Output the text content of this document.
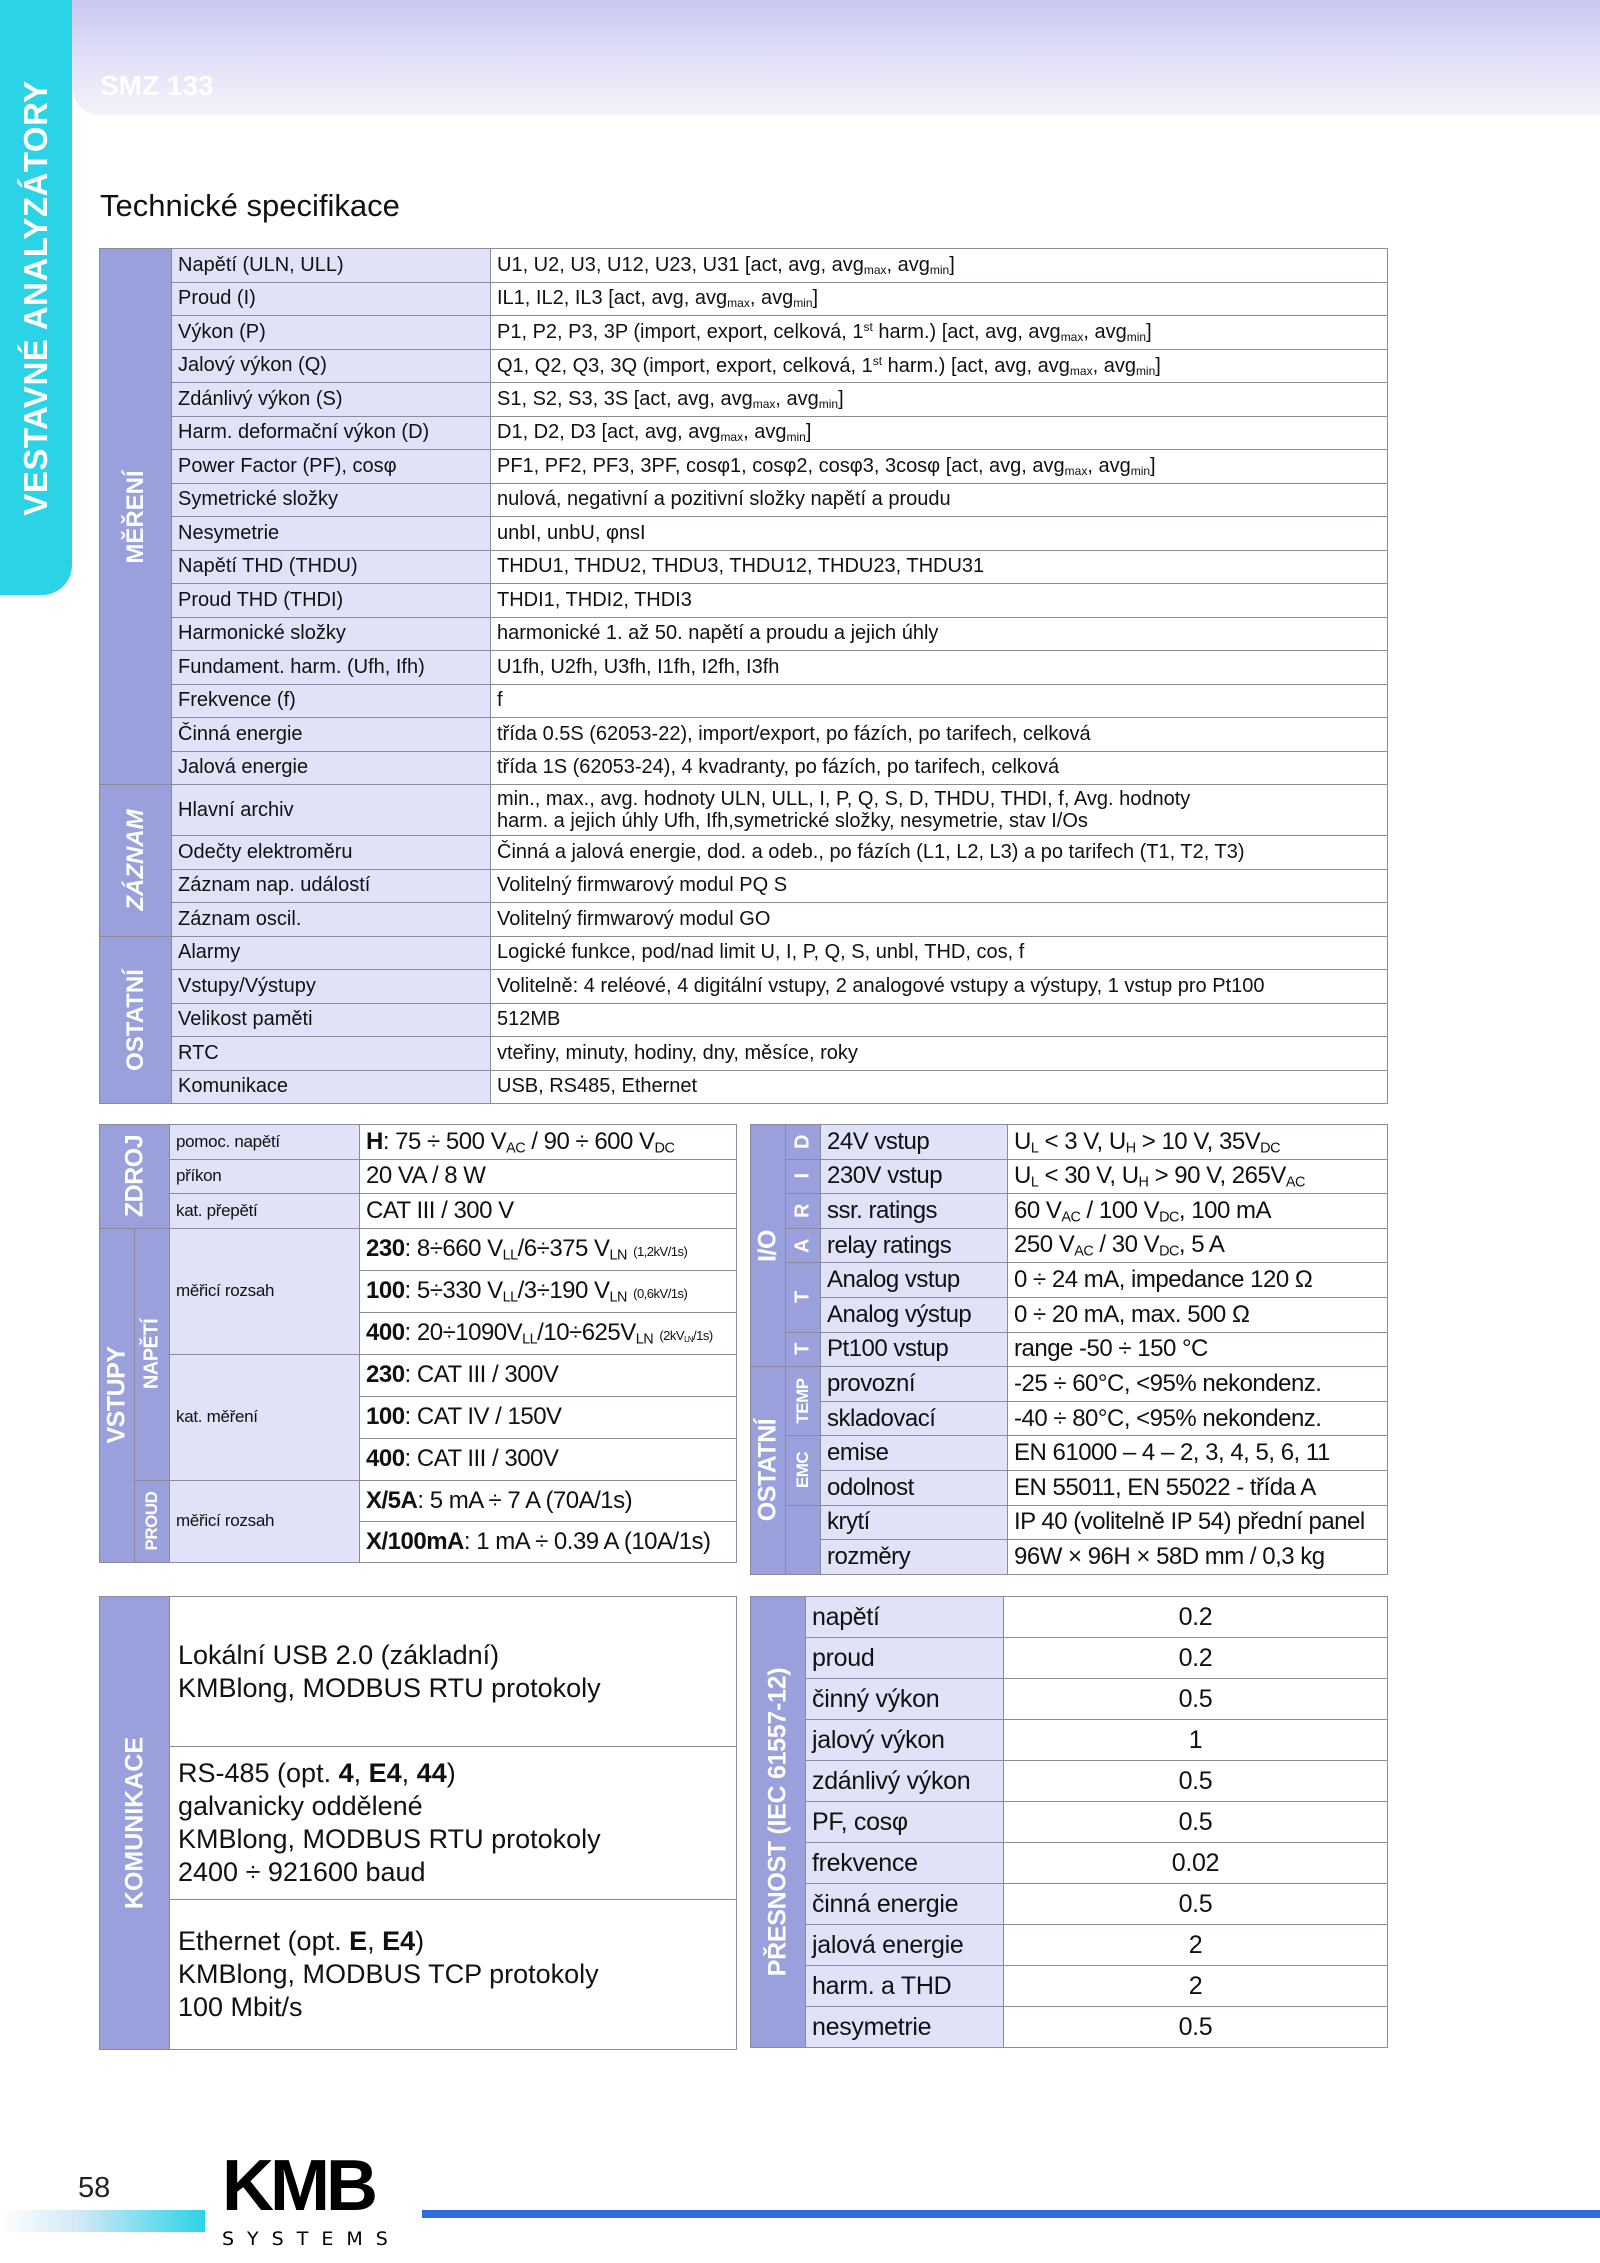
VESTAVNÉ ANALYZÁTORY SMZ 133
Technické specifikace
MĚŘENÍ	Napětí (ULN, ULL)	U1, U2, U3, U12, U23, U31 [act, avg, avg$_{max}$, avg$_{min}$]
	Proud (I)	IL1, IL2, IL3 [act, avg, avg$_{max}$, avg$_{min}$]
	Výkon (P)	P1, P2, P3, 3P (import, export, celková, 1st harm.) [act, avg, avg$_{max}$, avg$_{min}$]
	Jalový výkon (Q)	Q1, Q2, Q3, 3Q (import, export, celková, 1st harm.) [act, avg, avg$_{max}$, avg$_{min}$]
	Zdánlivý výkon (S)	S1, S2, S3, 3S [act, avg, avg$_{max}$, avg$_{min}$]
	Harm. deformační výkon (D)	D1, D2, D3 [act, avg, avg$_{max}$, avg$_{min}$]
	Power Factor (PF), cosφ	PF1, PF2, PF3, 3PF, cosφ1, cosφ2, cosφ3, 3cosφ [act, avg, avg$_{max}$, avg$_{min}$]
	Symetrické složky	nulová, negativní a pozitivní složky napětí a proudu
	Nesymetrie	unbI, unbU, φnsI
	Napětí THD (THDU)	THDU1, THDU2, THDU3, THDU12, THDU23, THDU31
	Proud THD (THDI)	THDI1, THDI2, THDI3
	Harmonické složky	harmonické 1. až 50. napětí a proudu a jejich úhly
	Fundament. harm. (Ufh, Ifh)	U1fh, U2fh, U3fh, I1fh, I2fh, I3fh
	Frekvence (f)	f
	Činná energie	třída 0.5S (62053-22), import/export, po fázích, po tarifech, celková
	Jalová energie	třída 1S (62053-24), 4 kvadranty, po fázích, po tarifech, celková

ZÁZNAM	Hlavní archiv	min., max., avg. hodnoty ULN, ULL, I, P, Q, S, D, THDU, THDI, f, Avg. hodnoty
harm. a jejich úhly Ufh, Ifh,symetrické složky, nesymetrie, stav I/Os
	Odečty elektroměru	Činná a jalová energie, dod. a odeb., po fázích (L1, L2, L3) a po tarifech (T1, T2, T3)
	Záznam nap. událostí	Volitelný firmwarový modul PQ S
	Záznam oscil.	Volitelný firmwarový modul GO

OSTATNÍ	Alarmy	Logické funkce, pod/nad limit U, I, P, Q, S, unbl, THD, cos, f
	Vstupy/Výstupy	Volitelně: 4 reléové, 4 digitální vstupy, 2 analogové vstupy a výstupy, 1 vstup pro Pt100
	Velikost paměti	512MB
	RTC	vteřiny, minuty, hodiny, dny, měsíce, roky
	Komunikace	USB, RS485, Ethernet
ZDROJ		pomoc. napětí	H: 75 ÷ 500 $V_{AC} / 90 \div 600$ $V_{DC}$
		příkon	20 VA / 8 W
		kat. přepětí	CAT III / 300 V

VSTUPY	NAPĚTÍ	měřicí rozsah	230: 8÷660 $V_{LL}/6\div 375$ $V_{LN}$ (1,2kV/1s)
			100: 5÷330 $V_{LL}/3\div 190$ $V_{LN}$ (0,6kV/1s)
			400: $20\div 1090V_{LL}/10\div 625V_{LN}$ $(2kV_{LN}/1s)$
		kat. měření	230: CAT III / 300V
			100: CAT IV / 150V
			400: CAT III / 300V

	PROUD	měřicí rozsah	X/5A: 5 mA ÷ 7 A (70A/1s)
			X/100mA: 1 mA ÷ 0.39 A (10A/1s)
I/O	D	24V vstup	$U_L < 3$ V, $U_H > 10$ V, $35V_{DC}$

	I	230V vstup	$U_L < 30$ V, $U_H > 90$ V, $265V_{AC}$

	R	ssr. ratings	60 $V_{AC} / 100$ $V_{DC}$, 100 mA

	A	relay ratings	250 $V_{AC} / 30$ $V_{DC}$, 5 A

	T	Analog vstup	0 ÷ 24 mA, impedance 120 Ω
		Analog výstup	0 ÷ 20 mA, max. 500 Ω

	T	Pt100 vstup	range -50 ÷ 150 °C

OSTATNÍ	TEMP	provozní	-25 ÷ 60°C, <95% nekondenz.
		skladovací	-40 ÷ 80°C, <95% nekondenz.

	EMC	emise	EN 61000 – 4 – 2, 3, 4, 5, 6, 11
		odolnost	EN 55011, EN 55022 - třída A
		krytí	IP 40 (volitelně IP 54) přední panel
		rozměry	96W × 96H × 58D mm / 0,3 kg
KOMUNIKACE
	Lokální USB 2.0 (základní)
KMBlong, MODBUS RTU protokoly
RS-485 (opt. 4, E4, 44)
galvanicky oddělené
KMBlong, MODBUS RTU protokoly
2400 ÷ 921600 baud
Ethernet (opt. E, E4)
KMBlong, MODBUS TCP protokoly
100 Mbit/s
PŘESNOST (IEC 61557-12)	napětí	0.2
	proud	0.2
	činný výkon	0.5
	jalový výkon	1
	zdánlivý výkon	0.5
	PF, cosφ	0.5
	frekvence	0.02
	činná energie	0.5
	jalová energie	2
	harm. a THD	2
	nesymetrie	0.5
58 KMB
SYSTEMS
